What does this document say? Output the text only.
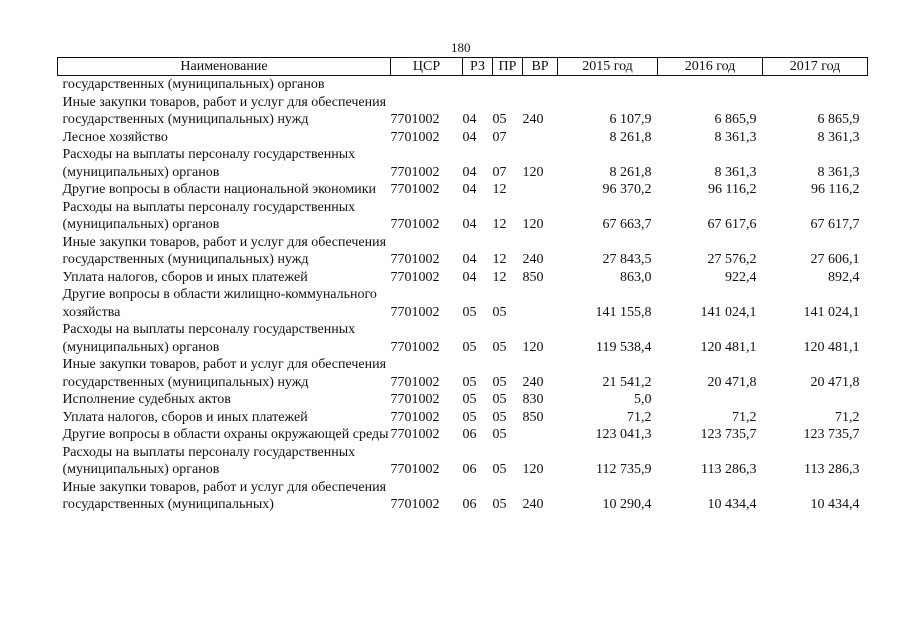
180
Наименование	ЦСР	РЗ	ПР	ВР	2015 год	2016 год	2017 год
государственных (муниципальных) органов							
Иные закупки товаров, работ и услуг для обеспечения государственных (муниципальных) нужд	7701002	04	05	240	6 107,9	6 865,9	6 865,9
Лесное хозяйство	7701002	04	07		8 261,8	8 361,3	8 361,3
Расходы на выплаты персоналу государственных (муниципальных) органов	7701002	04	07	120	8 261,8	8 361,3	8 361,3
Другие вопросы в области национальной экономики	7701002	04	12		96 370,2	96 116,2	96 116,2
Расходы на выплаты персоналу государственных (муниципальных) органов	7701002	04	12	120	67 663,7	67 617,6	67 617,7
Иные закупки товаров, работ и услуг для обеспечения государственных (муниципальных) нужд	7701002	04	12	240	27 843,5	27 576,2	27 606,1
Уплата налогов, сборов и иных платежей	7701002	04	12	850	863,0	922,4	892,4
Другие вопросы в области жилищно-коммунального хозяйства	7701002	05	05		141 155,8	141 024,1	141 024,1
Расходы на выплаты персоналу государственных (муниципальных) органов	7701002	05	05	120	119 538,4	120 481,1	120 481,1
Иные закупки товаров, работ и услуг для обеспечения государственных (муниципальных) нужд	7701002	05	05	240	21 541,2	20 471,8	20 471,8
Исполнение судебных актов	7701002	05	05	830	5,0		
Уплата налогов, сборов и иных платежей	7701002	05	05	850	71,2	71,2	71,2
Другие вопросы в области охраны окружающей среды	7701002	06	05		123 041,3	123 735,7	123 735,7
Расходы на выплаты персоналу государственных (муниципальных) органов	7701002	06	05	120	112 735,9	113 286,3	113 286,3
Иные закупки товаров, работ и услуг для обеспечения государственных (муниципальных)	7701002	06	05	240	10 290,4	10 434,4	10 434,4
